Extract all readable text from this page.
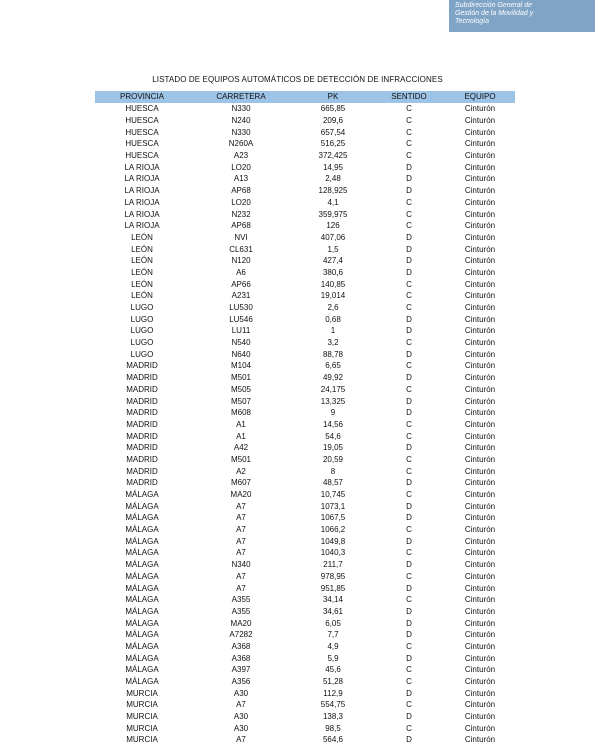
Subdirección General de
Gestión de la Movilidad y
Tecnología
LISTADO DE EQUIPOS AUTOMÁTICOS DE DETECCIÓN DE INFRACCIONES
PROVINCIA	CARRETERA	PK	SENTIDO	EQUIPO
HUESCA	N330	665,85	C	Cinturón
HUESCA	N240	209,6	C	Cinturón
HUESCA	N330	657,54	C	Cinturón
HUESCA	N260A	516,25	C	Cinturón
HUESCA	A23	372,425	C	Cinturón
LA RIOJA	LO20	14,95	D	Cinturón
LA RIOJA	A13	2,48	D	Cinturón
LA RIOJA	AP68	128,925	D	Cinturón
LA RIOJA	LO20	4,1	C	Cinturón
LA RIOJA	N232	359,975	C	Cinturón
LA RIOJA	AP68	126	C	Cinturón
LEÓN	NVI	407,06	D	Cinturón
LEÓN	CL631	1,5	D	Cinturón
LEÓN	N120	427,4	D	Cinturón
LEÓN	A6	380,6	D	Cinturón
LEÓN	AP66	140,85	C	Cinturón
LEÓN	A231	19,014	C	Cinturón
LUGO	LU530	2,6	C	Cinturón
LUGO	LU546	0,68	D	Cinturón
LUGO	LU11	1	D	Cinturón
LUGO	N540	3,2	C	Cinturón
LUGO	N640	88,78	D	Cinturón
MADRID	M104	6,65	C	Cinturón
MADRID	M501	49,92	D	Cinturón
MADRID	M505	24,175	C	Cinturón
MADRID	M507	13,325	D	Cinturón
MADRID	M608	9	D	Cinturón
MADRID	A1	14,56	C	Cinturón
MADRID	A1	54,6	C	Cinturón
MADRID	A42	19,05	D	Cinturón
MADRID	M501	20,59	C	Cinturón
MADRID	A2	8	C	Cinturón
MADRID	M607	48,57	D	Cinturón
MÁLAGA	MA20	10,745	C	Cinturón
MÁLAGA	A7	1073,1	D	Cinturón
MÁLAGA	A7	1067,5	D	Cinturón
MÁLAGA	A7	1066,2	C	Cinturón
MÁLAGA	A7	1049,8	D	Cinturón
MÁLAGA	A7	1040,3	C	Cinturón
MÁLAGA	N340	211,7	D	Cinturón
MÁLAGA	A7	978,95	C	Cinturón
MÁLAGA	A7	951,85	D	Cinturón
MÁLAGA	A355	34,14	C	Cinturón
MÁLAGA	A355	34,61	D	Cinturón
MÁLAGA	MA20	6,05	D	Cinturón
MÁLAGA	A7282	7,7	D	Cinturón
MÁLAGA	A368	4,9	C	Cinturón
MÁLAGA	A368	5,9	D	Cinturón
MÁLAGA	A397	45,6	C	Cinturón
MÁLAGA	A356	51,28	C	Cinturón
MURCIA	A30	112,9	D	Cinturón
MURCIA	A7	554,75	C	Cinturón
MURCIA	A30	138,3	D	Cinturón
MURCIA	A30	98,5	C	Cinturón
MURCIA	A7	564,6	D	Cinturón
